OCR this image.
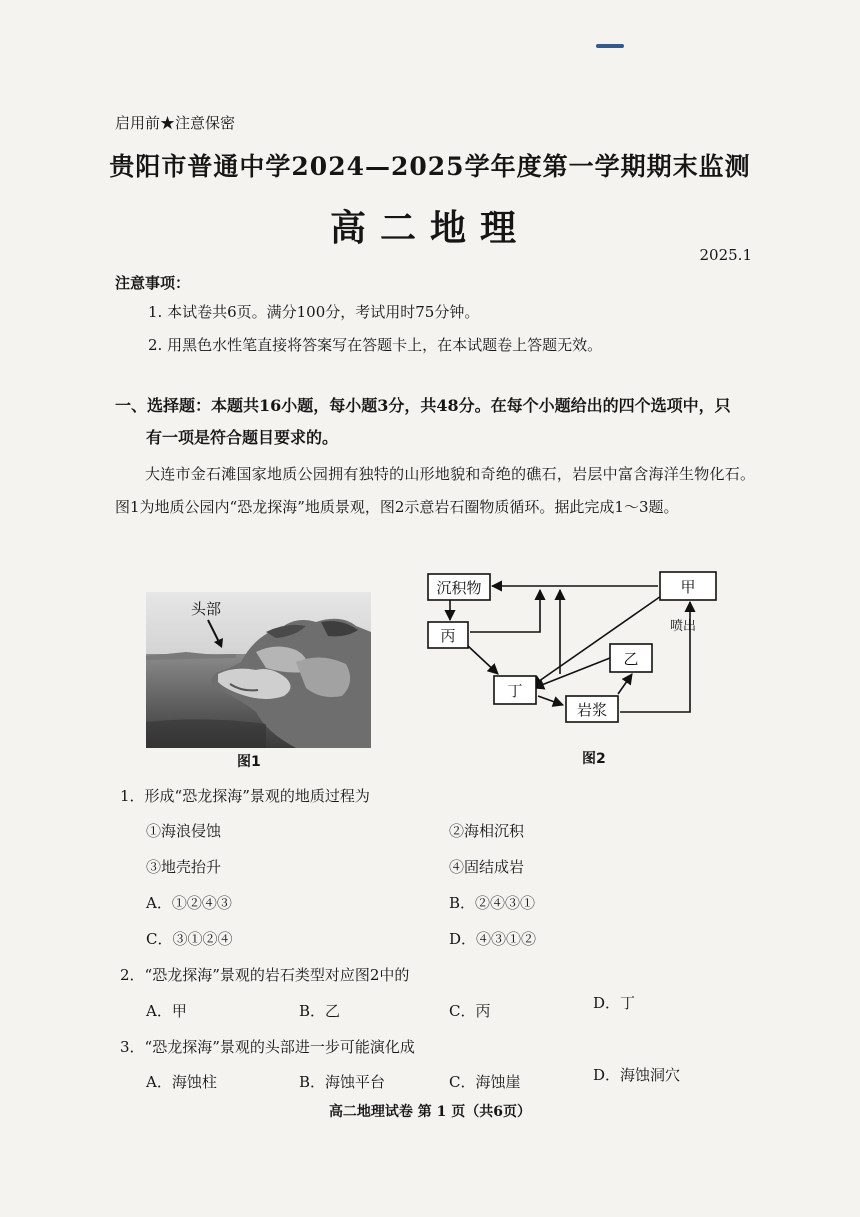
启用前★注意保密
贵阳市普通中学2024—2025学年度第一学期期末监测
高二地理
2025.1
注意事项：
1. 本试卷共6页。满分100分，考试用时75分钟。
2. 用黑色水性笔直接将答案写在答题卡上，在本试题卷上答题无效。
一、选择题：本题共16小题，每小题3分，共48分。在每个小题给出的四个选项中，只
有一项是符合题目要求的。
大连市金石滩国家地质公园拥有独特的山形地貌和奇绝的礁石，岩层中富含海洋生物化石。图1为地质公园内“恐龙探海”地质景观，图2示意岩石圈物质循环。据此完成1～3题。
头部
图1
沉积物	甲
丙
乙
丁
岩浆
喷出
图2
1．形成“恐龙探海”景观的地质过程为
①海浪侵蚀	②海相沉积
③地壳抬升	④固结成岩
A．①②④③	B．②④③①
C．③①②④	D．④③①②
2．“恐龙探海”景观的岩石类型对应图2中的
A．甲	B．乙	C．丙	D．丁
3．“恐龙探海”景观的头部进一步可能演化成
A．海蚀柱	B．海蚀平台	C．海蚀崖	D．海蚀洞穴
高二地理试卷 第 1 页（共6页）
